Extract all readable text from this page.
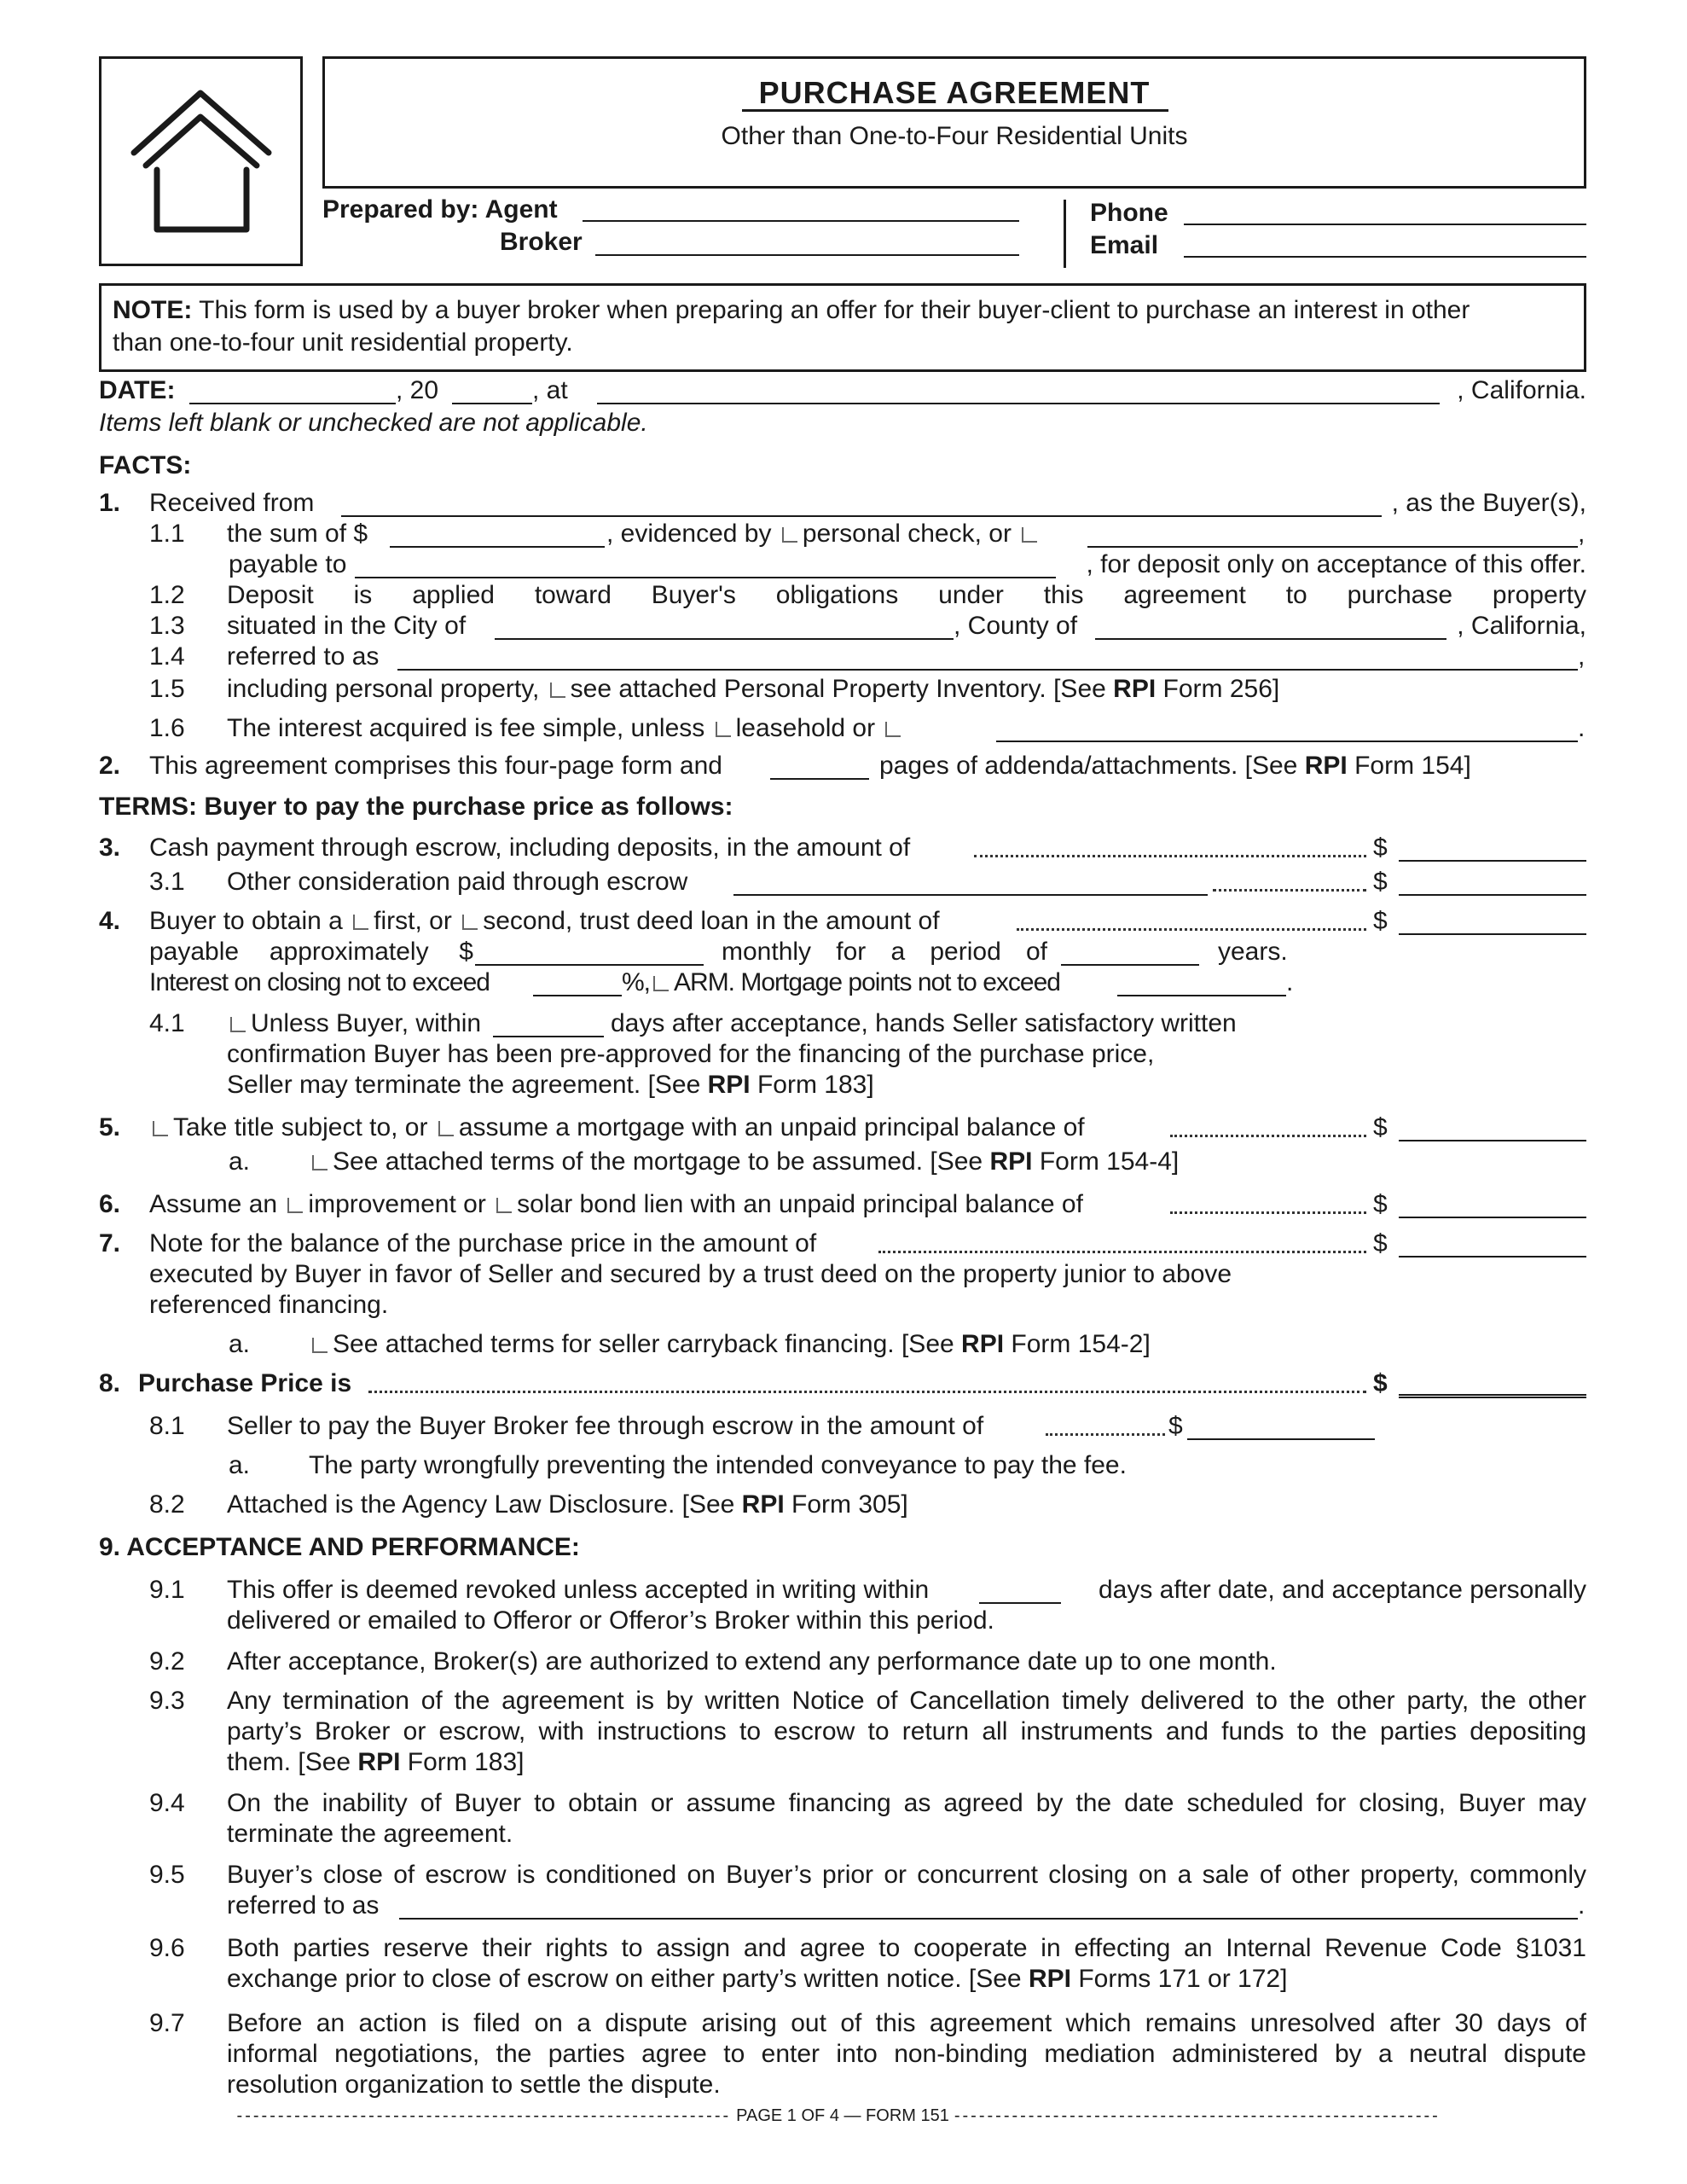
PURCHASE AGREEMENT
Other than One-to-Four Residential Units
Prepared by: Agent
Broker
Phone
Email
NOTE: This form is used by a buyer broker when preparing an offer for their buyer-client to purchase an interest in other
than one-to-four unit residential property.
DATE:	, 20	, at	, California.
Items left blank or unchecked are not applicable.
FACTS:
1. Received from	, as the Buyer(s),
1.1 the sum of $	, evidenced by personal check, or	,
payable to	, for deposit only on acceptance of this offer.
1.2 Deposit is applied toward Buyer's obligations under this agreement to purchase property
1.3 situated in the City of	, County of	, California,
1.4 referred to as	,
1.5 including personal property, see attached Personal Property Inventory. [See RPI Form 256]
1.6 The interest acquired is fee simple, unless leasehold or	.
2. This agreement comprises this four-page form and	pages of addenda/attachments. [See RPI Form 154]
TERMS: Buyer to pay the purchase price as follows:
3. Cash payment through escrow, including deposits, in the amount of	$
3.1 Other consideration paid through escrow	$
4. Buyer to obtain a first, or second, trust deed loan in the amount of	$
payable approximately $	monthly for a period of	years.
Interest on closing not to exceed	%, ARM. Mortgage points not to exceed	.
4.1	Unless Buyer, within	days after acceptance, hands Seller satisfactory written
confirmation Buyer has been pre-approved for the financing of the purchase price,
Seller may terminate the agreement. [See RPI Form 183]
5.	Take title subject to, or assume a mortgage with an unpaid principal balance of	$
a.	See attached terms of the mortgage to be assumed. [See RPI Form 154-4]
6. Assume an improvement or solar bond lien with an unpaid principal balance of	$
7. Note for the balance of the purchase price in the amount of	$
executed by Buyer in favor of Seller and secured by a trust deed on the property junior to above
referenced financing.
a.	See attached terms for seller carryback financing. [See RPI Form 154-2]
8. Purchase Price is	$
8.1 Seller to pay the Buyer Broker fee through escrow in the amount of	$
a. The party wrongfully preventing the intended conveyance to pay the fee.
8.2 Attached is the Agency Law Disclosure. [See RPI Form 305]
9. ACCEPTANCE AND PERFORMANCE:
9.1 This offer is deemed revoked unless accepted in writing within	days after date, and acceptance personally
delivered or emailed to Offeror or Offeror’s Broker within this period.
9.2 After acceptance, Broker(s) are authorized to extend any performance date up to one month.
9.3 Any termination of the agreement is by written Notice of Cancellation timely delivered to the other party, the other
party’s Broker or escrow, with instructions to escrow to return all instruments and funds to the parties depositing
them. [See RPI Form 183]
9.4 On the inability of Buyer to obtain or assume financing as agreed by the date scheduled for closing, Buyer may
terminate the agreement.
9.5 Buyer’s close of escrow is conditioned on Buyer’s prior or concurrent closing on a sale of other property, commonly
referred to as	.
9.6 Both parties reserve their rights to assign and agree to cooperate in effecting an Internal Revenue Code §1031
exchange prior to close of escrow on either party’s written notice. [See RPI Forms 171 or 172]
9.7 Before an action is filed on a dispute arising out of this agreement which remains unresolved after 30 days of
informal negotiations, the parties agree to enter into non-binding mediation administered by a neutral dispute
resolution organization to settle the dispute.
------------------------------------------------------------ PAGE 1 OF 4 — FORM 151 -----------------------------------------------------------
